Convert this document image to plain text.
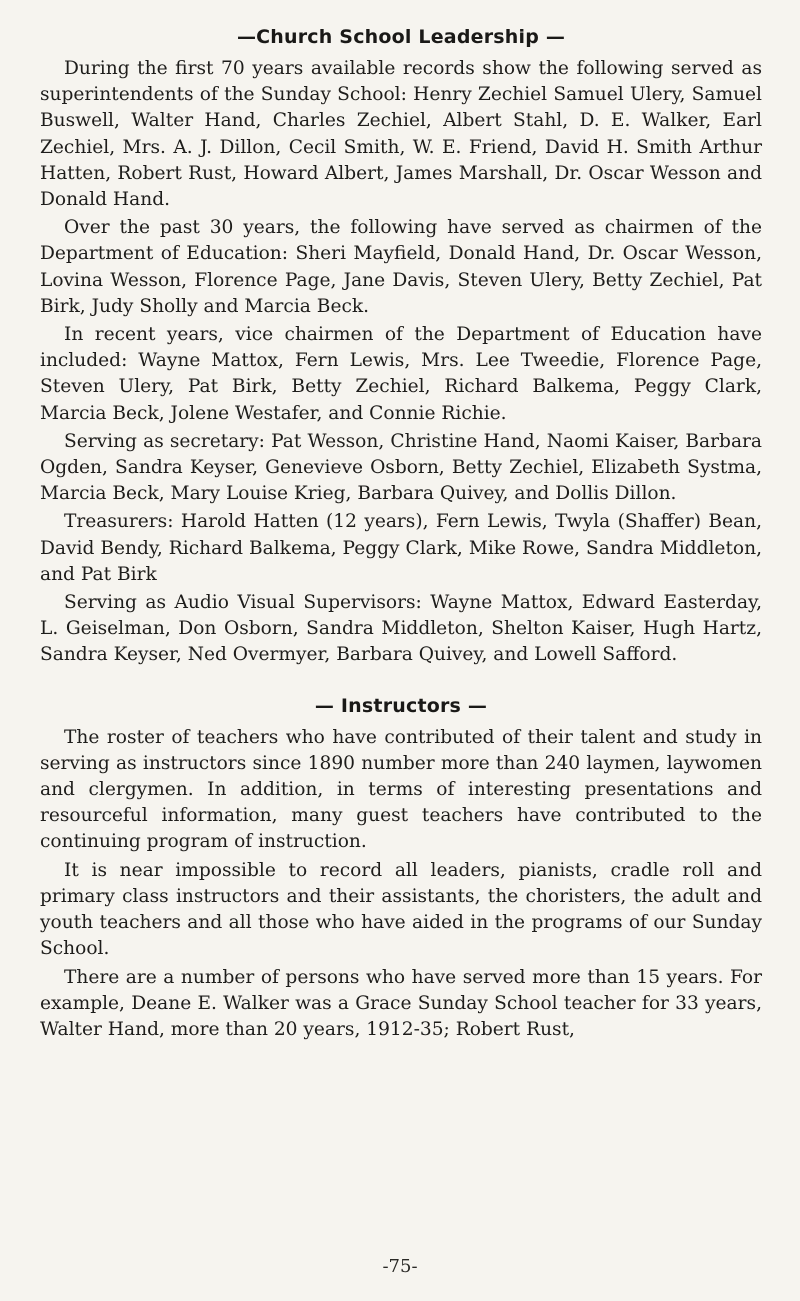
—Church School Leadership —

During the first 70 years available records show the following served as superintendents of the Sunday School: Henry Zechiel Samuel Ulery, Samuel Buswell, Walter Hand, Charles Zechiel, Albert Stahl, D. E. Walker, Earl Zechiel, Mrs. A. J. Dillon, Cecil Smith, W. E. Friend, David H. Smith Arthur Hatten, Robert Rust, Howard Albert, James Marshall, Dr. Oscar Wesson and Donald Hand.

Over the past 30 years, the following have served as chairmen of the Department of Education: Sheri Mayfield, Donald Hand, Dr. Oscar Wesson, Lovina Wesson, Florence Page, Jane Davis, Steven Ulery, Betty Zechiel, Pat Birk, Judy Sholly and Marcia Beck.

In recent years, vice chairmen of the Department of Education have included: Wayne Mattox, Fern Lewis, Mrs. Lee Tweedie, Florence Page, Steven Ulery, Pat Birk, Betty Zechiel, Richard Balkema, Peggy Clark, Marcia Beck, Jolene Westafer, and Connie Richie.

Serving as secretary: Pat Wesson, Christine Hand, Naomi Kaiser, Barbara Ogden, Sandra Keyser, Genevieve Osborn, Betty Zechiel, Elizabeth Systma, Marcia Beck, Mary Louise Krieg, Barbara Quivey, and Dollis Dillon.

Treasurers: Harold Hatten (12 years), Fern Lewis, Twyla (Shaffer) Bean, David Bendy, Richard Balkema, Peggy Clark, Mike Rowe, Sandra Middleton, and Pat Birk

Serving as Audio Visual Supervisors: Wayne Mattox, Edward Easterday, L. Geiselman, Don Osborn, Sandra Middleton, Shelton Kaiser, Hugh Hartz, Sandra Keyser, Ned Overmyer, Barbara Quivey, and Lowell Safford.

— Instructors —

The roster of teachers who have contributed of their talent and study in serving as instructors since 1890 number more than 240 laymen, laywomen and clergymen. In addition, in terms of interesting presentations and resourceful information, many guest teachers have contributed to the continuing program of instruction.

It is near impossible to record all leaders, pianists, cradle roll and primary class instructors and their assistants, the choristers, the adult and youth teachers and all those who have aided in the programs of our Sunday School.

There are a number of persons who have served more than 15 years. For example, Deane E. Walker was a Grace Sunday School teacher for 33 years, Walter Hand, more than 20 years, 1912-35; Robert Rust,

-75-
